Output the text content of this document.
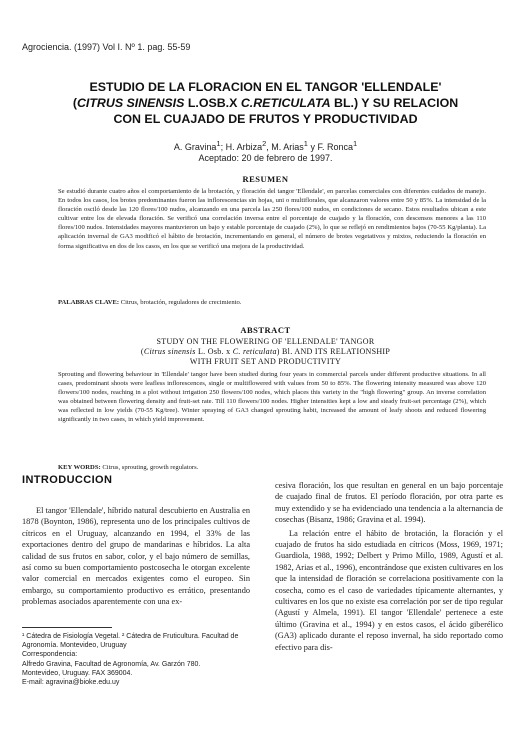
Agrociencia. (1997) Vol I. Nº 1. pag. 55-59
ESTUDIO DE LA FLORACION EN EL TANGOR 'ELLENDALE'
(CITRUS SINENSIS L.OSB.X C.RETICULATA BL.) Y SU RELACION
CON EL CUAJADO DE FRUTOS Y PRODUCTIVIDAD
A. Gravina$^1$; H. Arbiza$^2$, M. Arias$^1$ y F. Ronca$^1$
Aceptado: 20 de febrero de 1997.
RESUMEN
Se estudió durante cuatro años el comportamiento de la brotación, y floración del tangor 'Ellendale', en parcelas comerciales con diferentes cuidados de manejo. En todos los casos, los brotes predominantes fueron las inflorescencias sin hojas, uni o multiflorales, que alcanzaron valores entre 50 y 85%. La intensidad de la floración osciló desde las 120 flores/100 nudos, alcanzando en una parcela las 250 flores/100 nudos, en condiciones de secano. Estos resultados ubican a este cultivar entre los de elevada floración. Se verificó una correlación inversa entre el porcentaje de cuajado y la floración, con descensos menores a las 110 flores/100 nudos. Intensidades mayores mantuvieron un bajo y estable porcentaje de cuajado (2%), lo que se reflejó en rendimientos bajos (70-55 Kg/planta). La aplicación invernal de GA3 modificó el hábito de brotación, incrementando en general, el número de brotes vegetativos y mixtos, reduciendo la floración en forma significativa en dos de los casos, en los que se verificó una mejora de la productividad.
PALABRAS CLAVE: Citrus, brotación, reguladores de crecimiento.
ABSTRACT
STUDY ON THE FLOWERING OF 'ELLENDALE' TANGOR
(Citrus sinensis L. Osb. x C. reticulata) Bl. AND ITS RELATIONSHIP
WITH FRUIT SET AND PRODUCTIVITY
Sprouting and flowering behaviour in 'Ellendale' tangor have been studied during four years in commercial parcels under different productive situations. In all cases, predominant shoots were leafless inflorescences, single or multiflowered with values from 50 to 85%. The flowering intensity measured was above 120 flowers/100 nodes, reaching in a plot without irrigation 250 flowers/100 nodes, which places this variety in the "high flowering" group. An inverse correlation was obtained between flowering density and fruit-set rate. Till 110 flowers/100 nodes. Higher intensities kept a low and steady fruit-set percentage (2%), which was reflected in low yields (70-55 Kg/tree). Winter spraying of GA3 changed sprouting habit, increased the amount of leafy shoots and reduced flowering significantly in two cases, in which yield improvement.
KEY WORDS: Citrus, sprouting, growth regulators.
INTRODUCCION

El tangor 'Ellendale', híbrido natural descubierto en Australia en 1878 (Boynton, 1986), representa uno de los principales cultivos de cítricos en el Uruguay, alcanzando en 1994, el 33% de las exportaciones dentro del grupo de mandarinas e híbridos. La alta calidad de sus frutos en sabor, color, y el bajo número de semillas, así como su buen comportamiento postcosecha le otorgan excelente valor comercial en mercados exigentes como el europeo. Sin embargo, su comportamiento productivo es errático, presentando problemas asociados aparentemente con una ex-

cesiva floración, los que resultan en general en un bajo porcentaje de cuajado final de frutos. El período floración, por otra parte es muy extendido y se ha evidenciado una tendencia a la alternancia de cosechas (Bisanz, 1986; Gravina et al. 1994).

La relación entre el hábito de brotación, la floración y el cuajado de frutos ha sido estudiada en cítricos (Moss, 1969, 1971; Guardiola, 1988, 1992; Delbert y Primo Millo, 1989, Agustí et al. 1982, Arias et al., 1996), encontrándose que existen cultivares en los que la intensidad de floración se correlaciona positivamente con la cosecha, como es el caso de variedades típicamente alternantes, y cultivares en los que no existe esa correlación por ser de tipo regular (Agustí y Almela, 1991). El tangor 'Ellendale' pertenece a este último (Gravina et al., 1994) y en estos casos, el ácido giberélico (GA3) aplicado durante el reposo invernal, ha sido reportado como efectivo para dis-

¹ Cátedra de Fisiología Vegetal. ² Cátedra de Fruticultura. Facultad de Agronomía. Montevideo, Uruguay
Correspondencia:
Alfredo Gravina, Facultad de Agronomía, Av. Garzón 780.
Montevideo, Uruguay. FAX 369004.
E-mail: agravina@bioke.edu.uy
